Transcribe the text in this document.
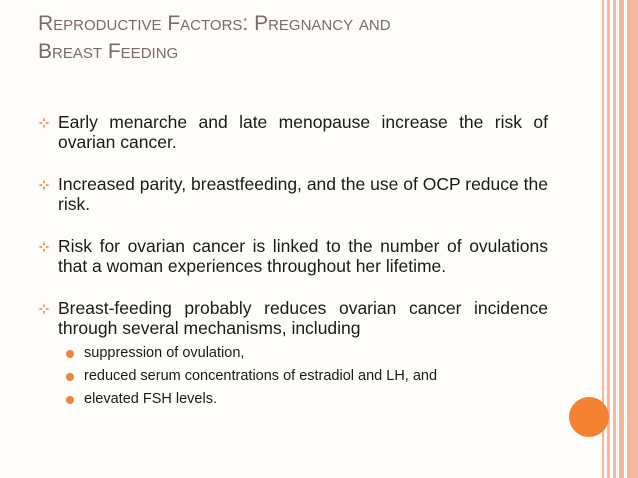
Reproductive Factors: Pregnancy and
Breast Feeding
Early menarche and late menopause increase the risk of ovarian cancer.
Increased parity, breastfeeding, and the use of OCP reduce the risk.
Risk for ovarian cancer is linked to the number of ovulations that a woman experiences throughout her lifetime.
Breast-feeding probably reduces ovarian cancer incidence through several mechanisms, including
suppression of ovulation,
reduced serum concentrations of estradiol and LH, and
elevated FSH levels.
